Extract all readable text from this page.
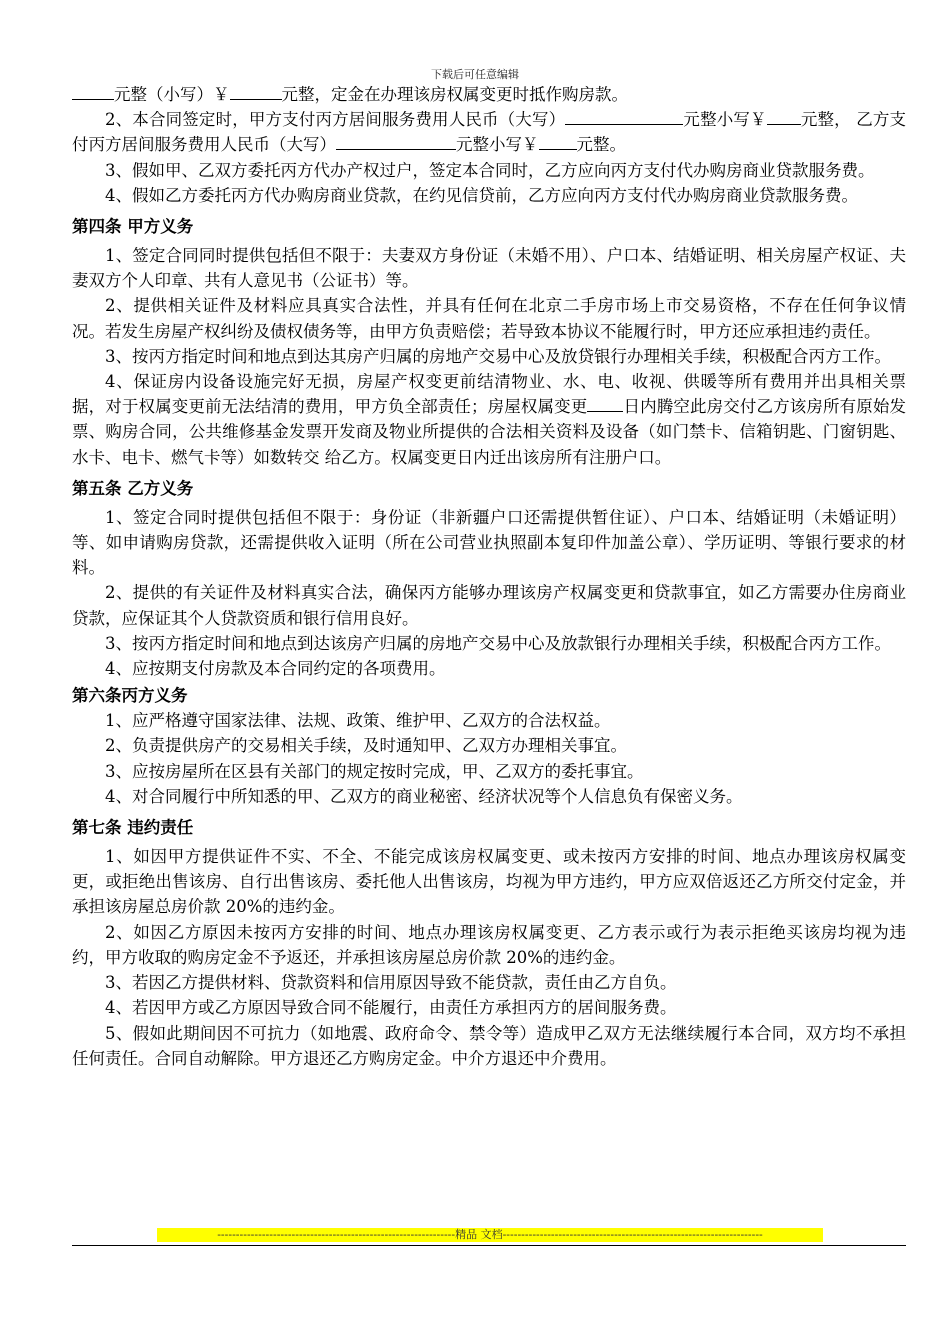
下载后可任意编辑

元整（小写）￥	元整，定金在办理该房权属变更时抵作购房款。

2、本合同签定时，甲方支付丙方居间服务费用人民币（大写）	元整小写￥ 元整， 乙方支付丙方居间服务费用人民币（大写）	元整小写￥ 元整。

3、假如甲、乙双方委托丙方代办产权过户，签定本合同时，乙方应向丙方支付代办购房商业贷款服务费。

4、假如乙方委托丙方代办购房商业贷款，在约见信贷前，乙方应向丙方支付代办购房商业贷款服务费。

第四条 甲方义务

1、签定合同同时提供包括但不限于：夫妻双方身份证（未婚不用）、户口本、结婚证明、相关房屋产权证、夫妻双方个人印章、共有人意见书（公证书）等。

2、提供相关证件及材料应具真实合法性，并具有任何在北京二手房市场上市交易资格，不存在任何争议情况。若发生房屋产权纠纷及债权债务等，由甲方负责赔偿；若导致本协议不能履行时，甲方还应承担违约责任。

3、按丙方指定时间和地点到达其房产归属的房地产交易中心及放贷银行办理相关手续，积极配合丙方工作。

4、保证房内设备设施完好无损，房屋产权变更前结清物业、水、电、收视、供暖等所有费用并出具相关票据，对于权属变更前无法结清的费用，甲方负全部责任；房屋权属变更 日内腾空此房交付乙方该房所有原始发票、购房合同，公共维修基金发票开发商及物业所提供的合法相关资料及设备（如门禁卡、信箱钥匙、门窗钥匙、水卡、电卡、燃气卡等）如数转交 给乙方。权属变更日内迁出该房所有注册户口。

第五条 乙方义务

1、签定合同时提供包括但不限于：身份证（非新疆户口还需提供暂住证）、户口本、结婚证明（未婚证明）等、如申请购房贷款，还需提供收入证明（所在公司营业执照副本复印件加盖公章）、学历证明、等银行要求的材料。

2、提供的有关证件及材料真实合法，确保丙方能够办理该房产权属变更和贷款事宜，如乙方需要办住房商业贷款，应保证其个人贷款资质和银行信用良好。

3、按丙方指定时间和地点到达该房产归属的房地产交易中心及放款银行办理相关手续，积极配合丙方工作。

4、应按期支付房款及本合同约定的各项费用。

第六条丙方义务

1、应严格遵守国家法律、法规、政策、维护甲、乙双方的合法权益。

2、负责提供房产的交易相关手续，及时通知甲、乙双方办理相关事宜。

3、应按房屋所在区县有关部门的规定按时完成，甲、乙双方的委托事宜。

4、对合同履行中所知悉的甲、乙双方的商业秘密、经济状况等个人信息负有保密义务。

第七条 违约责任

1、如因甲方提供证件不实、不全、不能完成该房权属变更、或未按丙方安排的时间、地点办理该房权属变更，或拒绝出售该房、自行出售该房、委托他人出售该房，均视为甲方违约，甲方应双倍返还乙方所交付定金，并承担该房屋总房价款 20%的违约金。

2、如因乙方原因未按丙方安排的时间、地点办理该房权属变更、乙方表示或行为表示拒绝买该房均视为违约，甲方收取的购房定金不予返还，并承担该房屋总房价款 20%的违约金。

3、若因乙方提供材料、贷款资料和信用原因导致不能贷款，责任由乙方自负。

4、若因甲方或乙方原因导致合同不能履行，由责任方承担丙方的居间服务费。

5、假如此期间因不可抗力（如地震、政府命令、禁令等）造成甲乙双方无法继续履行本合同，双方均不承担任何责任。合同自动解除。甲方退还乙方购房定金。中介方退还中介费用。

----------------------------------------------------------------精品 文档----------------------------------------------------------------------
